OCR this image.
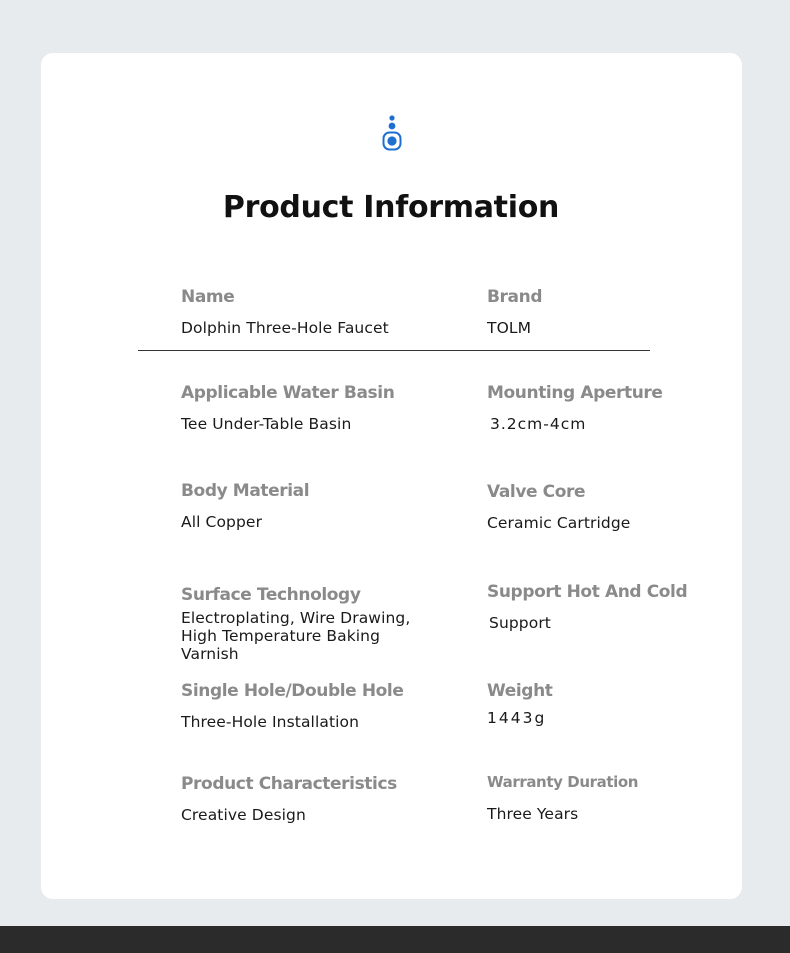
Product Information
Name
Dolphin Three-Hole Faucet
Brand
TOLM
Applicable Water Basin
Tee Under-Table Basin
Mounting Aperture
3.2cm-4cm
Body Material
All Copper
Valve Core
Ceramic Cartridge
Surface Technology
Electroplating, Wire Drawing, High Temperature Baking Varnish
Support Hot And Cold
Support
Single Hole/Double Hole
Three-Hole Installation
Weight
1443g
Product Characteristics
Creative Design
Warranty Duration
Three Years
